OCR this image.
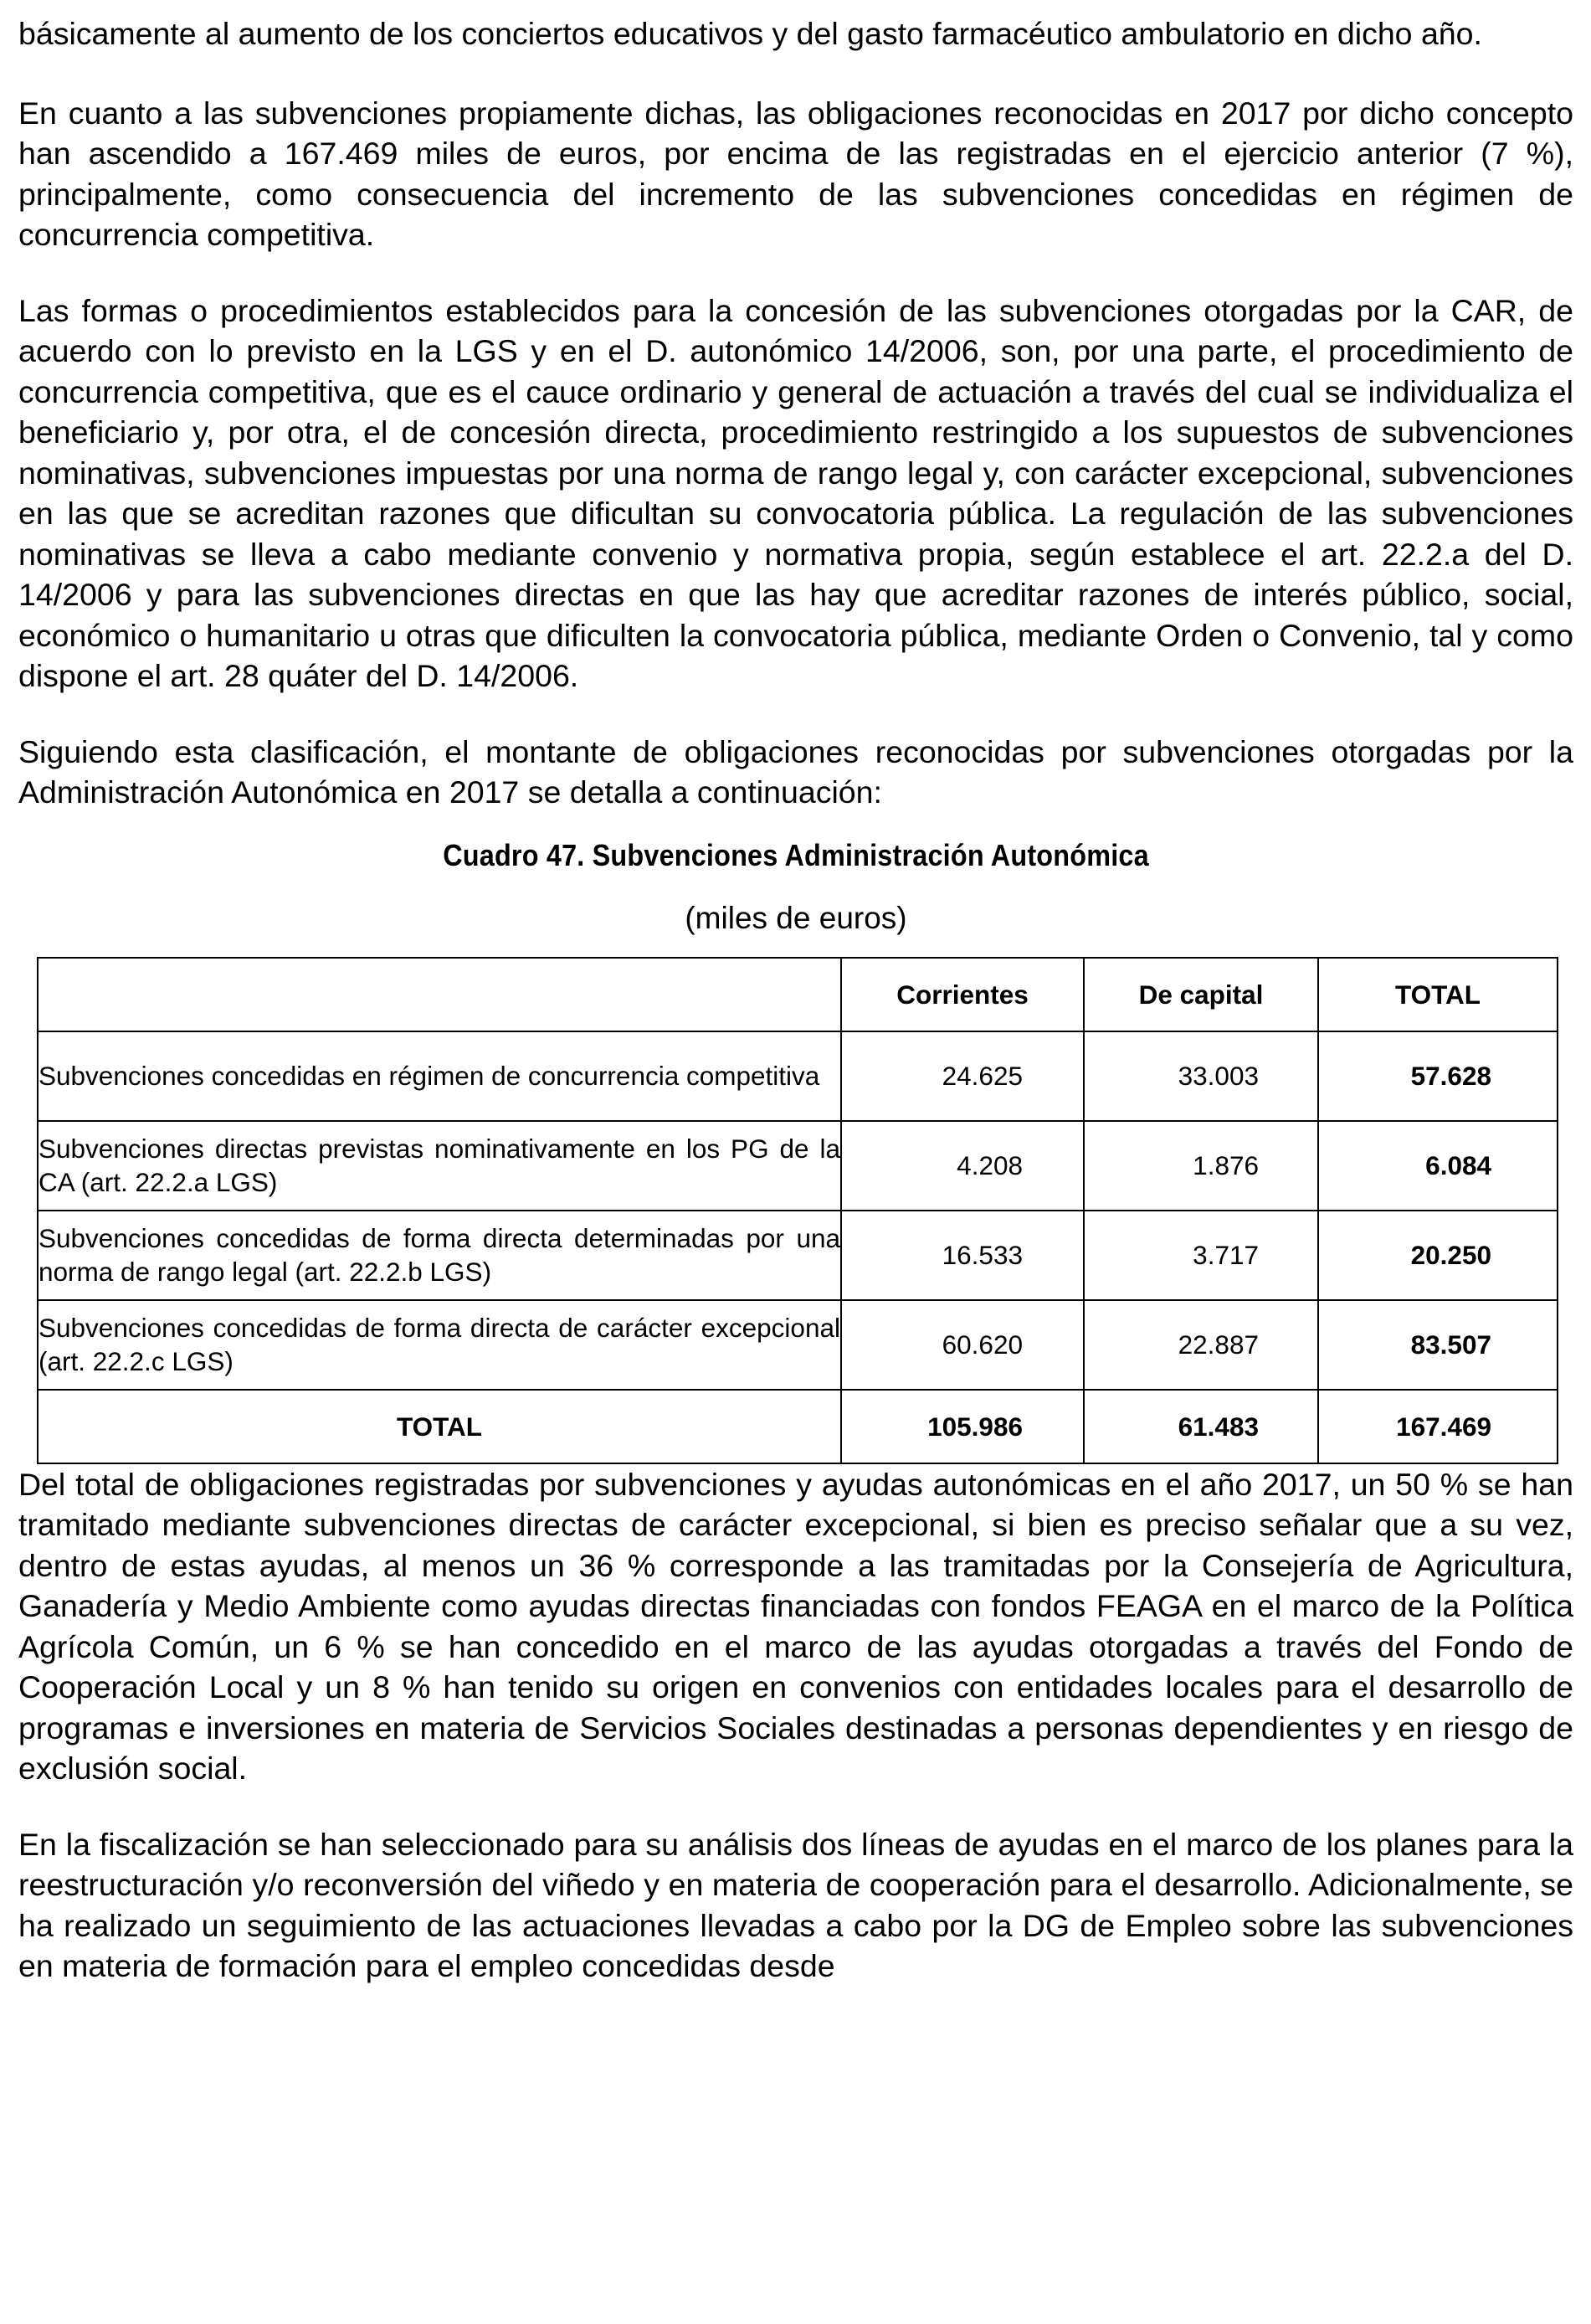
básicamente al aumento de los conciertos educativos y del gasto farmacéutico ambulatorio en dicho año.

En cuanto a las subvenciones propiamente dichas, las obligaciones reconocidas en 2017 por dicho concepto han ascendido a 167.469 miles de euros, por encima de las registradas en el ejercicio anterior (7 %), principalmente, como consecuencia del incremento de las subvenciones concedidas en régimen de concurrencia competitiva.

Las formas o procedimientos establecidos para la concesión de las subvenciones otorgadas por la CAR, de acuerdo con lo previsto en la LGS y en el D. autonómico 14/2006, son, por una parte, el procedimiento de concurrencia competitiva, que es el cauce ordinario y general de actuación a través del cual se individualiza el beneficiario y, por otra, el de concesión directa, procedimiento restringido a los supuestos de subvenciones nominativas, subvenciones impuestas por una norma de rango legal y, con carácter excepcional, subvenciones en las que se acreditan razones que dificultan su convocatoria pública. La regulación de las subvenciones nominativas se lleva a cabo mediante convenio y normativa propia, según establece el art. 22.2.a del D. 14/2006 y para las subvenciones directas en que las hay que acreditar razones de interés público, social, económico o humanitario u otras que dificulten la convocatoria pública, mediante Orden o Convenio, tal y como dispone el art. 28 quáter del D. 14/2006.

Siguiendo esta clasificación, el montante de obligaciones reconocidas por subvenciones otorgadas por la Administración Autonómica en 2017 se detalla a continuación:

Cuadro 47. Subvenciones Administración Autonómica
(miles de euros)
	Corrientes	De capital	TOTAL
Subvenciones concedidas en régimen de concurrencia competitiva	24.625	33.003	57.628
Subvenciones directas previstas nominativamente en los PG de la CA (art. 22.2.a LGS)	4.208	1.876	6.084
Subvenciones concedidas de forma directa determinadas por una norma de rango legal (art. 22.2.b LGS)	16.533	3.717	20.250
Subvenciones concedidas de forma directa de carácter excepcional (art. 22.2.c LGS)	60.620	22.887	83.507
TOTAL	105.986	61.483	167.469

Del total de obligaciones registradas por subvenciones y ayudas autonómicas en el año 2017, un 50 % se han tramitado mediante subvenciones directas de carácter excepcional, si bien es preciso señalar que a su vez, dentro de estas ayudas, al menos un 36 % corresponde a las tramitadas por la Consejería de Agricultura, Ganadería y Medio Ambiente como ayudas directas financiadas con fondos FEAGA en el marco de la Política Agrícola Común, un 6 % se han concedido en el marco de las ayudas otorgadas a través del Fondo de Cooperación Local y un 8 % han tenido su origen en convenios con entidades locales para el desarrollo de programas e inversiones en materia de Servicios Sociales destinadas a personas dependientes y en riesgo de exclusión social.

En la fiscalización se han seleccionado para su análisis dos líneas de ayudas en el marco de los planes para la reestructuración y/o reconversión del viñedo y en materia de cooperación para el desarrollo. Adicionalmente, se ha realizado un seguimiento de las actuaciones llevadas a cabo por la DG de Empleo sobre las subvenciones en materia de formación para el empleo concedidas desde
